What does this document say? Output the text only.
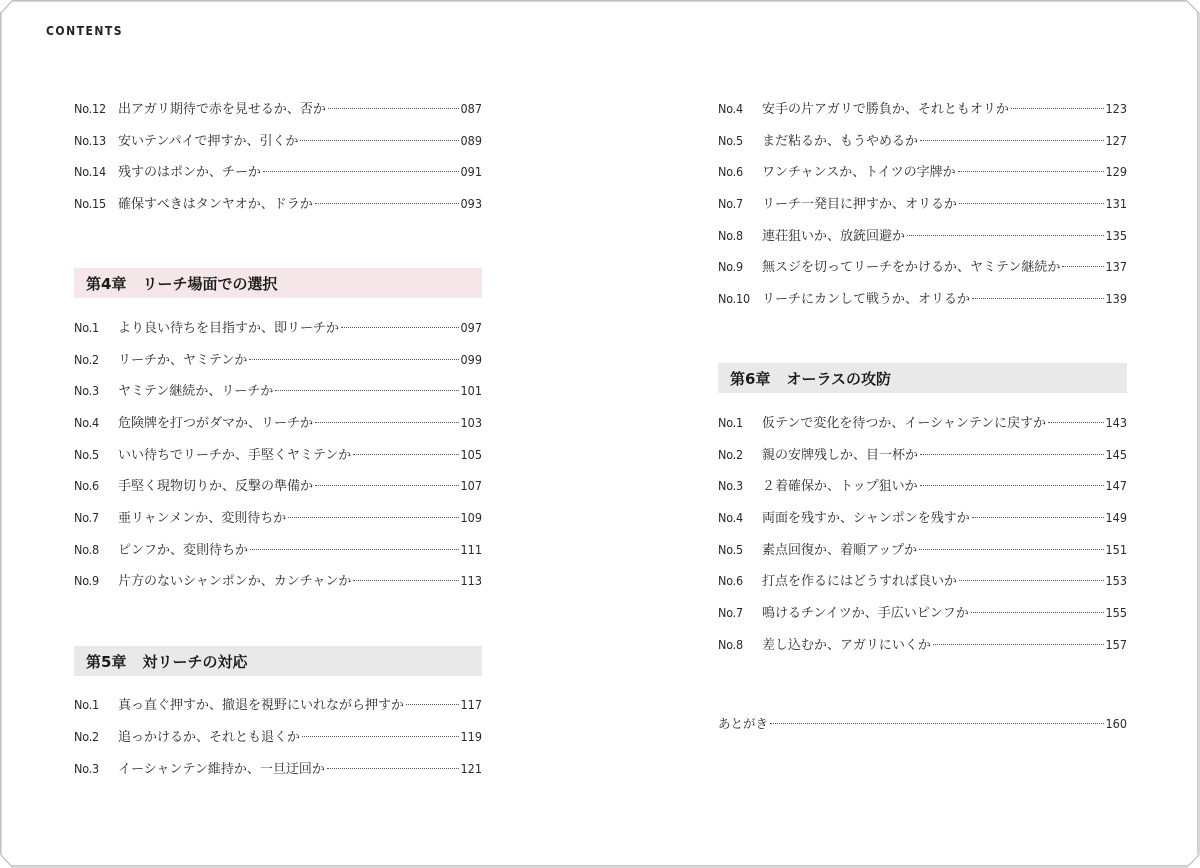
CONTENTS
No.12 出アガリ期待で赤を見せるか、否か	087
No.13 安いテンパイで押すか、引くか	089
No.14 残すのはポンか、チーか	091
No.15 確保すべきはタンヤオか、ドラか	093
第4章 リーチ場面での選択
No.1	より良い待ちを目指すか、即リーチか	097
No.2	リーチか、ヤミテンか	099
No.3	ヤミテン継続か、リーチか	101
No.4	危険牌を打つがダマか、リーチか	103
No.5	いい待ちでリーチか、手堅くヤミテンか	105
No.6	手堅く現物切りか、反撃の準備か	107
No.7	亜リャンメンか、変則待ちか	109
No.8	ピンフか、変則待ちか	111
No.9	片方のないシャンポンか、カンチャンか	113
第5章 対リーチの対応
No.1	真っ直ぐ押すか、撤退を視野にいれながら押すか	117
No.2	追っかけるか、それとも退くか	119
No.3	イーシャンテン維持か、一旦迂回か	121
No.4	安手の片アガリで勝負か、それともオリか	123
No.5	まだ粘るか、もうやめるか	127
No.6	ワンチャンスか、トイツの字牌か	129
No.7	リーチ一発目に押すか、オリるか	131
No.8	連荘狙いか、放銃回避か	135
No.9	無スジを切ってリーチをかけるか、ヤミテン継続か	137
No.10 リーチにカンして戦うか、オリるか	139
第6章 オーラスの攻防
No.1	仮テンで変化を待つか、イーシャンテンに戻すか	143
No.2	親の安牌残しか、目一杯か	145
No.3	２着確保か、トップ狙いか	147
No.4	両面を残すか、シャンポンを残すか	149
No.5	素点回復か、着順アップか	151
No.6	打点を作るにはどうすれば良いか	153
No.7	鳴けるチンイツか、手広いピンフか	155
No.8	差し込むか、アガリにいくか	157
あとがき	160
